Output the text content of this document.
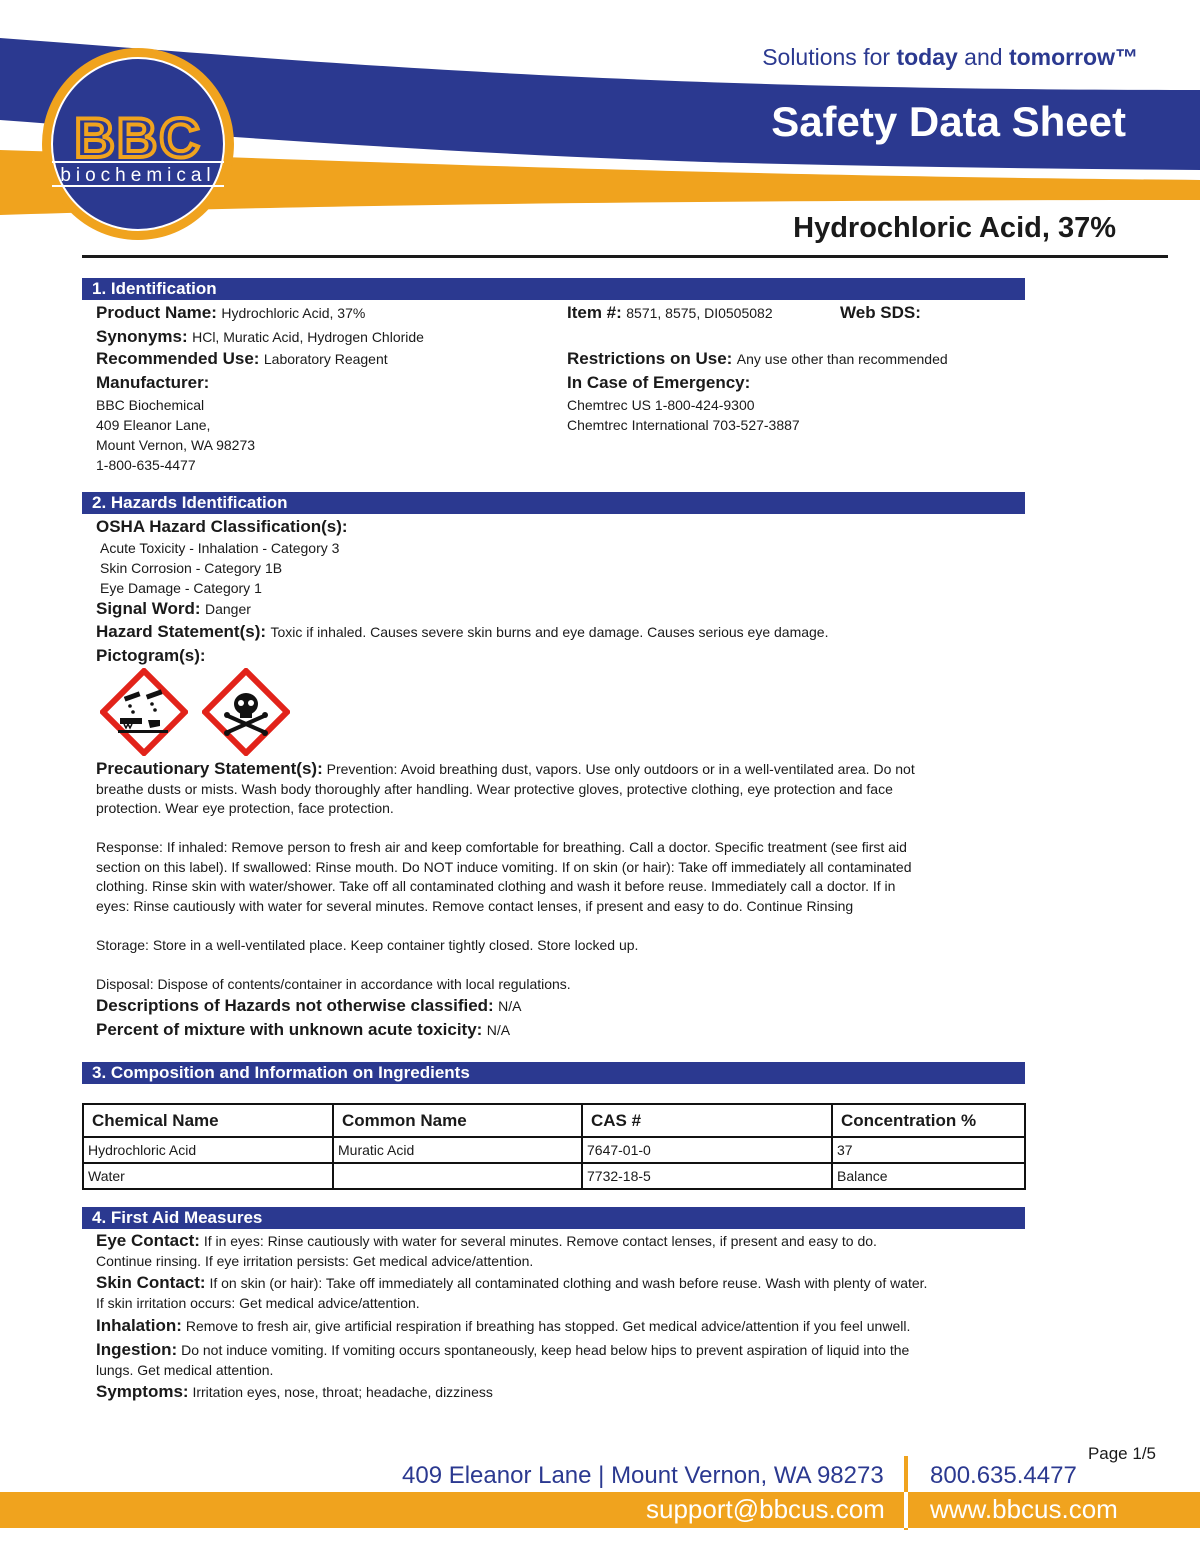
BBC
biochemical
Solutions for today and tomorrow™
Safety Data Sheet
Hydrochloric Acid, 37%
1. Identification
Product Name: Hydrochloric Acid, 37%	Item #: 8571, 8575, DI0505082	Web SDS:
Synonyms: HCl, Muratic Acid, Hydrogen Chloride
Recommended Use: Laboratory Reagent	Restrictions on Use: Any use other than recommended
Manufacturer:	In Case of Emergency:
BBC Biochemical
409 Eleanor Lane,
Mount Vernon, WA 98273
1-800-635-4477
Chemtrec US 1-800-424-9300
Chemtrec International 703-527-3887
2. Hazards Identification
OSHA Hazard Classification(s):
Acute Toxicity - Inhalation - Category 3
Skin Corrosion - Category 1B
Eye Damage - Category 1
Signal Word: Danger
Hazard Statement(s): Toxic if inhaled. Causes severe skin burns and eye damage. Causes serious eye damage.
Pictogram(s):
Precautionary Statement(s): Prevention: Avoid breathing dust, vapors. Use only outdoors or in a well-ventilated area. Do not
breathe dusts or mists. Wash body thoroughly after handling. Wear protective gloves, protective clothing, eye protection and face
protection. Wear eye protection, face protection.
Response: If inhaled: Remove person to fresh air and keep comfortable for breathing. Call a doctor. Specific treatment (see first aid
section on this label). If swallowed: Rinse mouth. Do NOT induce vomiting. If on skin (or hair): Take off immediately all contaminated
clothing. Rinse skin with water/shower. Take off all contaminated clothing and wash it before reuse. Immediately call a doctor. If in
eyes: Rinse cautiously with water for several minutes. Remove contact lenses, if present and easy to do. Continue Rinsing
Storage: Store in a well-ventilated place. Keep container tightly closed. Store locked up.
Disposal: Dispose of contents/container in accordance with local regulations.
Descriptions of Hazards not otherwise classified: N/A
Percent of mixture with unknown acute toxicity: N/A
3. Composition and Information on Ingredients
Chemical Name	Common Name	CAS #	Concentration %
Hydrochloric Acid	Muratic Acid	7647-01-0	37
Water		7732-18-5	Balance
4. First Aid Measures
Eye Contact: If in eyes: Rinse cautiously with water for several minutes. Remove contact lenses, if present and easy to do.
Continue rinsing. If eye irritation persists: Get medical advice/attention.
Skin Contact: If on skin (or hair): Take off immediately all contaminated clothing and wash before reuse. Wash with plenty of water.
If skin irritation occurs: Get medical advice/attention.
Inhalation: Remove to fresh air, give artificial respiration if breathing has stopped. Get medical advice/attention if you feel unwell.
Ingestion: Do not induce vomiting. If vomiting occurs spontaneously, keep head below hips to prevent aspiration of liquid into the
lungs. Get medical attention.
Symptoms: Irritation eyes, nose, throat; headache, dizziness
Page 1/5
409 Eleanor Lane | Mount Vernon, WA 98273 800.635.4477
support@bbcus.com www.bbcus.com
